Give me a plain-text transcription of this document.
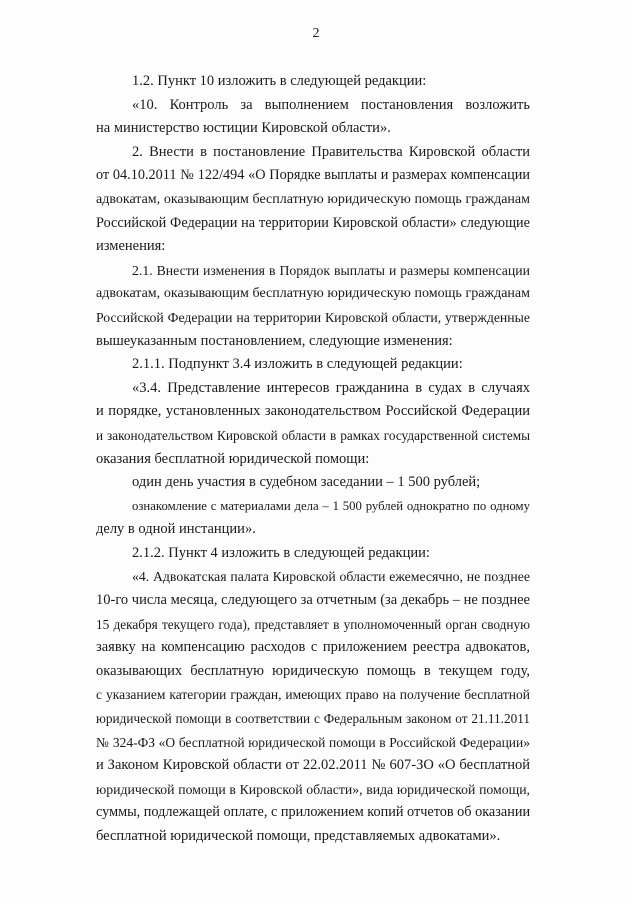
2
1.2. Пункт 10 изложить в следующей редакции:
«10. Контроль за выполнением постановления возложить
на министерство юстиции Кировской области».
2. Внести в постановление Правительства Кировской области
от 04.10.2011 № 122/494 «О Порядке выплаты и размерах компенсации
адвокатам, оказывающим бесплатную юридическую помощь гражданам
Российской Федерации на территории Кировской области» следующие
изменения:
2.1. Внести изменения в Порядок выплаты и размеры компенсации
адвокатам, оказывающим бесплатную юридическую помощь гражданам
Российской Федерации на территории Кировской области, утвержденные
вышеуказанным постановлением, следующие изменения:
2.1.1. Подпункт 3.4 изложить в следующей редакции:
«3.4. Представление интересов гражданина в судах в случаях
и порядке, установленных законодательством Российской Федерации
и законодательством Кировской области в рамках государственной системы
оказания бесплатной юридической помощи:
один день участия в судебном заседании – 1 500 рублей;
ознакомление с материалами дела – 1 500 рублей однократно по одному
делу в одной инстанции».
2.1.2. Пункт 4 изложить в следующей редакции:
«4. Адвокатская палата Кировской области ежемесячно, не позднее
10-го числа месяца, следующего за отчетным (за декабрь – не позднее
15 декабря текущего года), представляет в уполномоченный орган сводную
заявку на компенсацию расходов с приложением реестра адвокатов,
оказывающих бесплатную юридическую помощь в текущем году,
с указанием категории граждан, имеющих право на получение бесплатной
юридической помощи в соответствии с Федеральным законом от 21.11.2011
№ 324-ФЗ «О бесплатной юридической помощи в Российской Федерации»
и Законом Кировской области от 22.02.2011 № 607-ЗО «О бесплатной
юридической помощи в Кировской области», вида юридической помощи,
суммы, подлежащей оплате, с приложением копий отчетов об оказании
бесплатной юридической помощи, представляемых адвокатами».
